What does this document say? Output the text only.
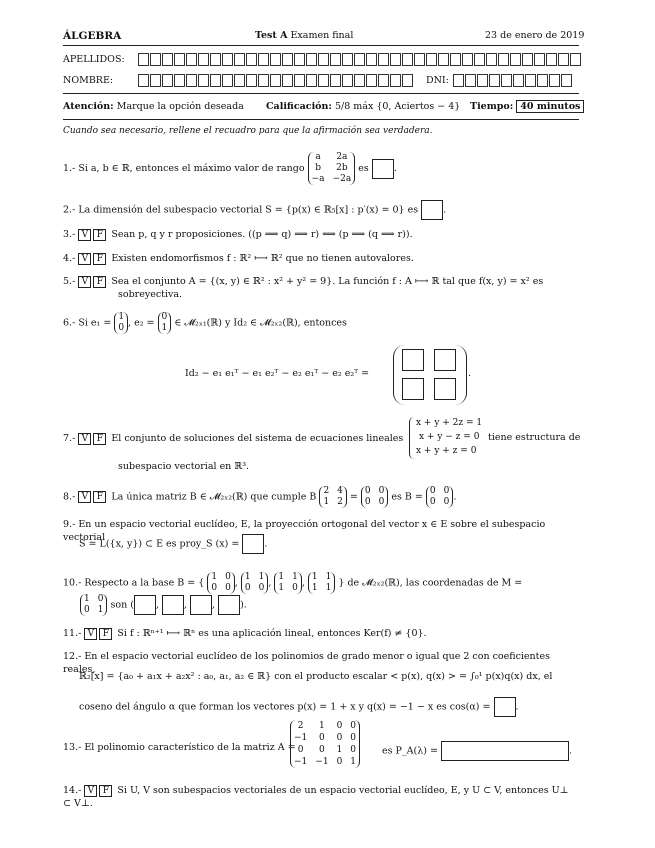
ÁLGEBRA	Test A Examen final	23 de enero de 2019
APELLIDOS:
NOMBRE:	DNI:
Atención: Marque la opción deseada Calificación: 5/8 máx {0, Aciertos − 4} Tiempo: 40 minutos
Cuando sea necesario, rellene el recuadro para que la afirmación sea verdadera.
1.- Si a, b ∈ ℝ, entonces el máximo valor de rango
a	2a
b	2b
−a −2a
es	.
2.- La dimensión del subespacio vectorial S = {p(x) ∈ ℝ₅[x] : p′(x) = 0} es	.
3.- V F Sean p, q y r proposiciones. ((p ⟹ q) ⟹ r) ⟺ (p ⟹ (q ⟹ r)).
4.- V F Existen endomorfismos f : ℝ² ⟼ ℝ² que no tienen autovalores.
5.- V F Sea el conjunto A = {(x, y) ∈ ℝ² : x² + y² = 9}. La función f : A ⟼ ℝ tal que f(x, y) = x² es
sobreyectiva.
6.- Si e₁ =
1
0 , e₂ =
0
1 ∈ 𝓜₂ₓ₁(ℝ) y Id₂ ∈ 𝓜₂ₓ₂(ℝ), entonces
Id₂ − e₁ e₁ᵀ − e₁ e₂ᵀ − e₂ e₁ᵀ − e₂ e₂ᵀ =	.
7.- V F El conjunto de soluciones del sistema de ecuaciones lineales
x + y + 2z = 1
x + y − z = 0
x + y + z = 0
tiene estructura de
subespacio vectorial en ℝ³.
8.- V F La única matriz B ∈ 𝓜₂ₓ₂(ℝ) que cumple B
2 4
1 2 =
0 0
0 0 es B =
0 0
0 0 .
9.- En un espacio vectorial euclídeo, E, la proyección ortogonal del vector x ∈ E sobre el subespacio vectorial
S = L({x, y}) ⊂ E es proy_S (x) =	.
10.- Respecto a la base B = {
1 0
0 0 ,
1 1
0 0 ,
1 1
1 0 ,
1 1
1 1 } de 𝓜₂ₓ₂(ℝ), las coordenadas de M =
1 0
0 1 son ( , , , ).
11.- V F Si f : ℝⁿ⁺¹ ⟼ ℝⁿ es una aplicación lineal, entonces Ker(f) ≠ {0}.
12.- En el espacio vectorial euclídeo de los polinomios de grado menor o igual que 2 con coeficientes reales,
ℝ₂[x] = {a₀ + a₁x + a₂x² : a₀, a₁, a₂ ∈ ℝ} con el producto escalar < p(x), q(x) > = ∫₀¹ p(x)q(x) dx, el
coseno del ángulo α que forman los vectores p(x) = 1 + x y q(x) = −1 − x es cos(α) =	.
13.- El polinomio característico de la matriz A =
2	1	0 0
−1	0	0 0
0	0	1 0
−1 −1 0 1
es P_A(λ) =	.
14.- V F Si U, V son subespacios vectoriales de un espacio vectorial euclídeo, E, y U ⊂ V, entonces U⊥ ⊂ V⊥.
